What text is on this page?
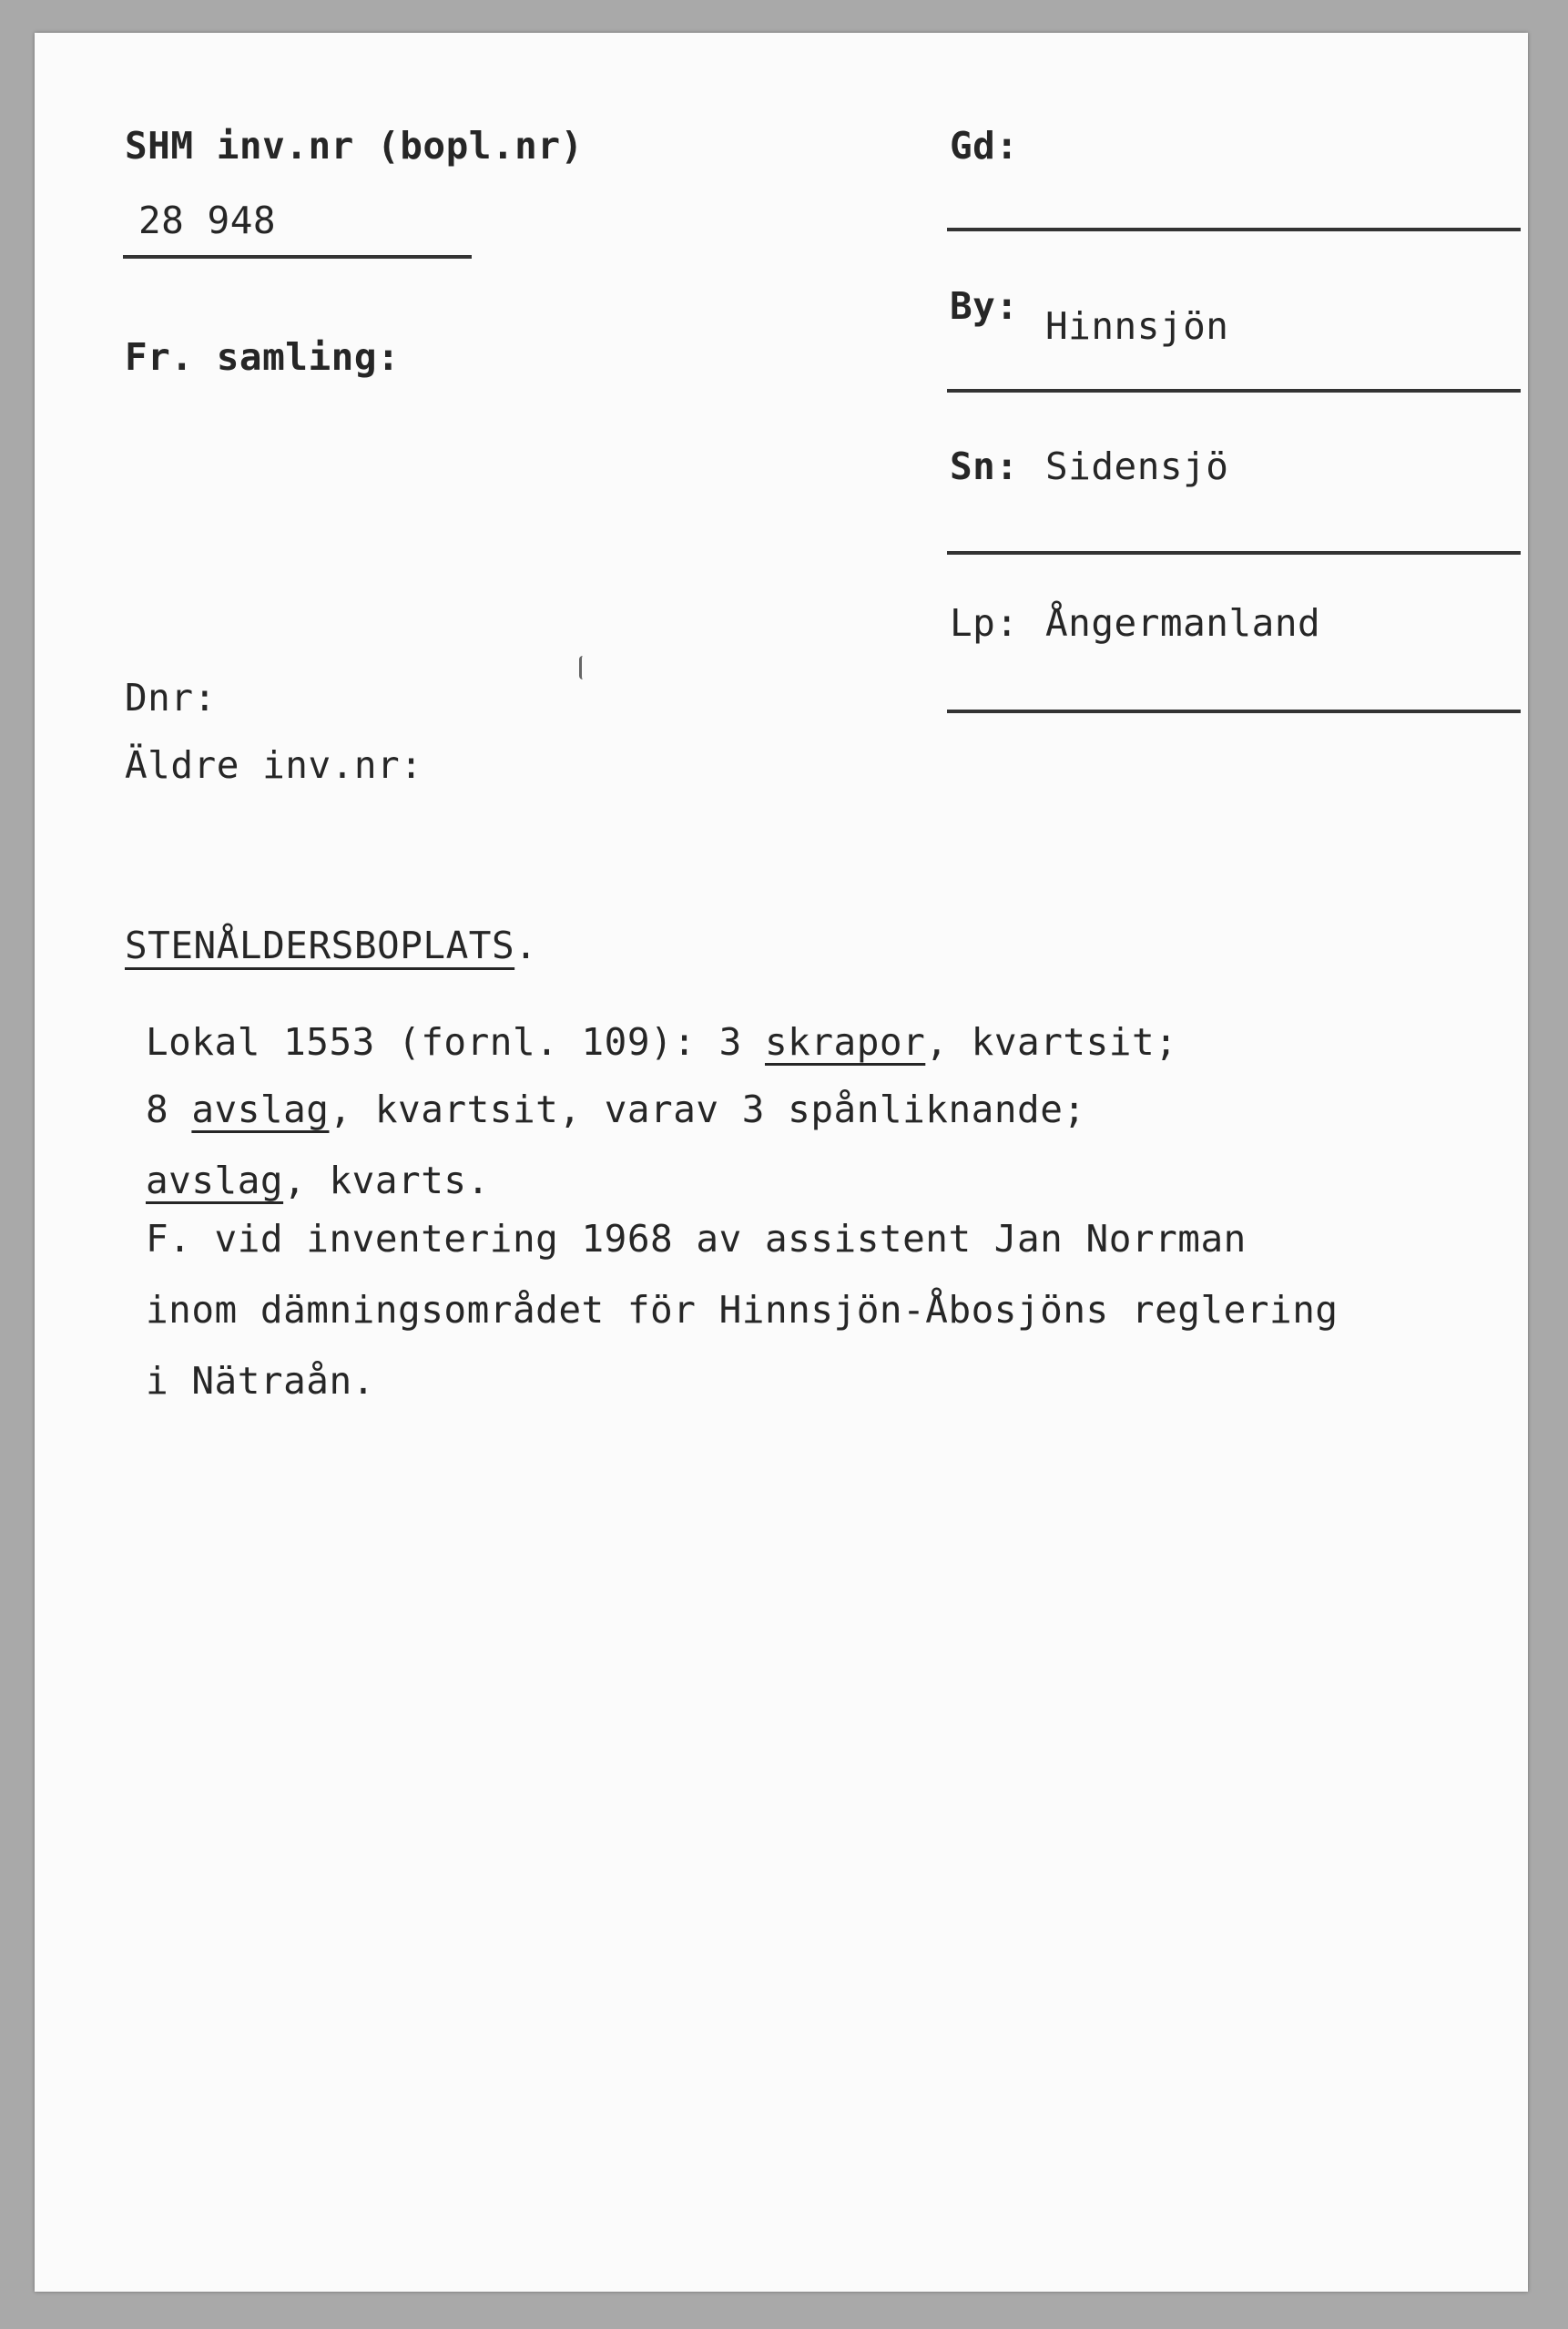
SHM inv.nr (bopl.nr)
28 948
Fr. samling:
Dnr:
Äldre inv.nr:
Gd:
By: Hinnsjön
Sn: Sidensjö
Lp: Ångermanland
STENÅLDERSBOPLATS.
Lokal 1553 (fornl. 109): 3 skrapor, kvartsit;
8 avslag, kvartsit, varav 3 spånliknande;
avslag, kvarts.
F. vid inventering 1968 av assistent Jan Norrman
inom dämningsområdet för Hinnsjön-Åbosjöns reglering
i Nätraån.
